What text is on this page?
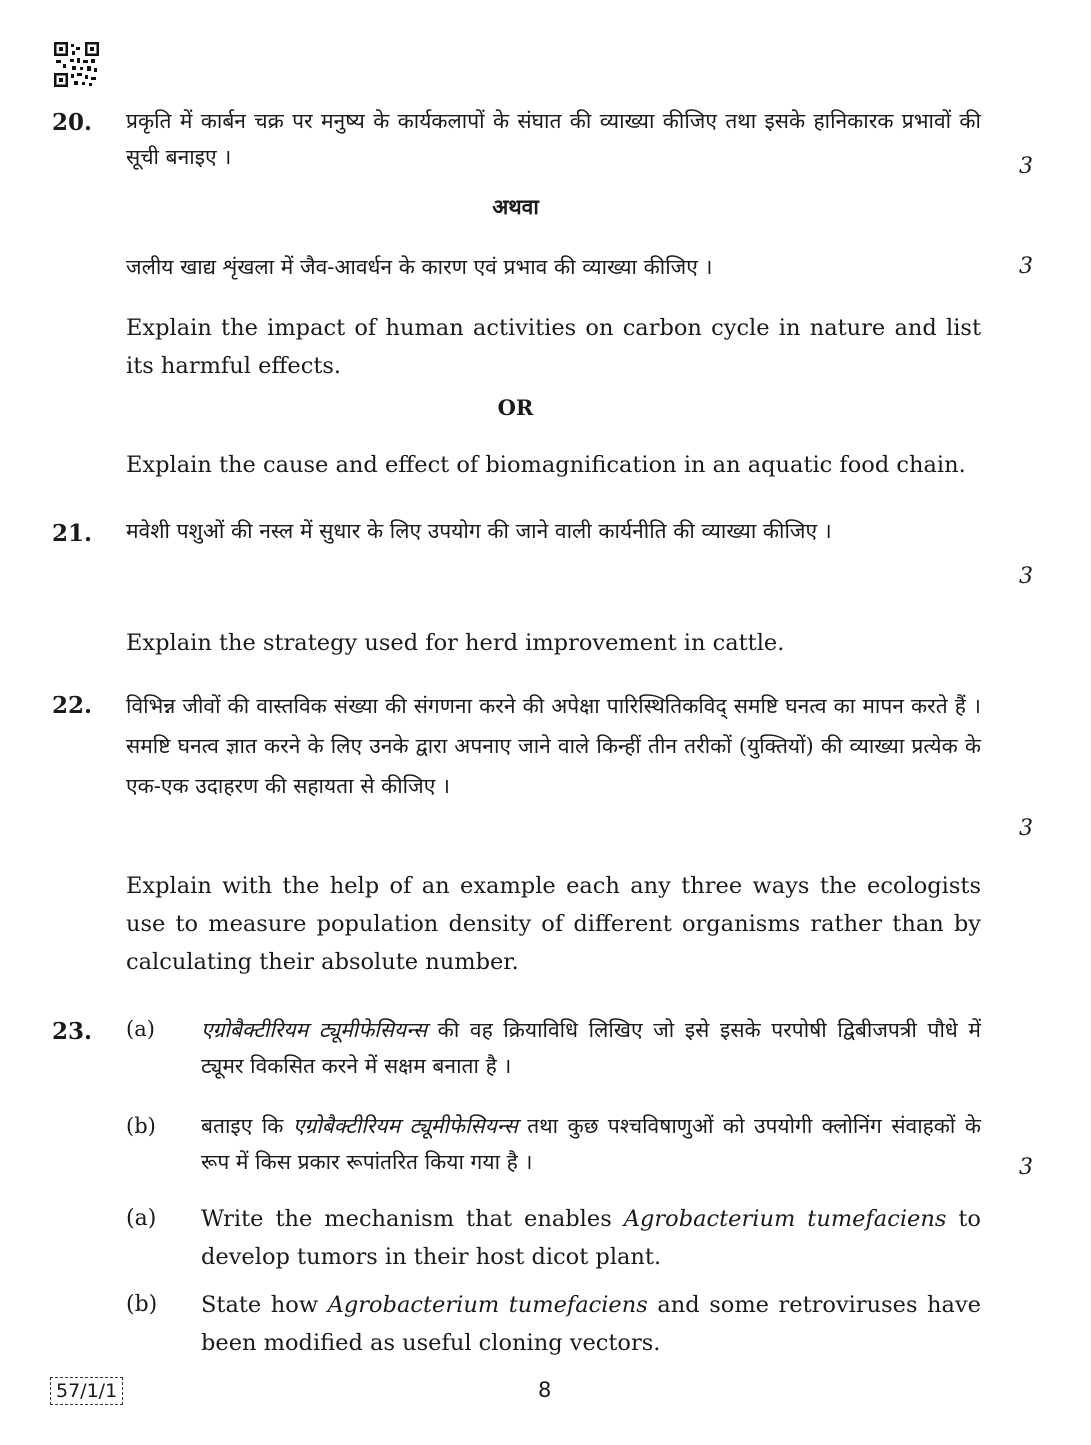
20. प्रकृति में कार्बन चक्र पर मनुष्य के कार्यकलापों के संघात की व्याख्या कीजिए तथा इसके हानिकारक प्रभावों की सूची बनाइए ।	3
अथवा
जलीय खाद्य शृंखला में जैव-आवर्धन के कारण एवं प्रभाव की व्याख्या कीजिए ।	3
Explain the impact of human activities on carbon cycle in nature and list its harmful effects.
OR
Explain the cause and effect of biomagnification in an aquatic food chain.
21. मवेशी पशुओं की नस्ल में सुधार के लिए उपयोग की जाने वाली कार्यनीति की व्याख्या कीजिए ।
3
Explain the strategy used for herd improvement in cattle.
22. विभिन्न जीवों की वास्तविक संख्या की संगणना करने की अपेक्षा पारिस्थितिकविद् समष्टि घनत्व का मापन करते हैं । समष्टि घनत्व ज्ञात करने के लिए उनके द्वारा अपनाए जाने वाले किन्हीं तीन तरीकों (युक्तियों) की व्याख्या प्रत्येक के एक-एक उदाहरण की सहायता से कीजिए ।
3
Explain with the help of an example each any three ways the ecologists use to measure population density of different organisms rather than by calculating their absolute number.
23. (a) एग्रोबैक्टीरियम ट्यूमीफेसियन्स की वह क्रियाविधि लिखिए जो इसे इसके परपोषी द्विबीजपत्री पौधे में ट्यूमर विकसित करने में सक्षम बनाता है ।
(b) बताइए कि एग्रोबैक्टीरियम ट्यूमीफेसियन्स तथा कुछ पश्चविषाणुओं को उपयोगी क्लोनिंग संवाहकों के रूप में किस प्रकार रूपांतरित किया गया है ।	3
(a) Write the mechanism that enables Agrobacterium tumefaciens to develop tumors in their host dicot plant.
(b) State how Agrobacterium tumefaciens and some retroviruses have been modified as useful cloning vectors.
57/1/1	8
